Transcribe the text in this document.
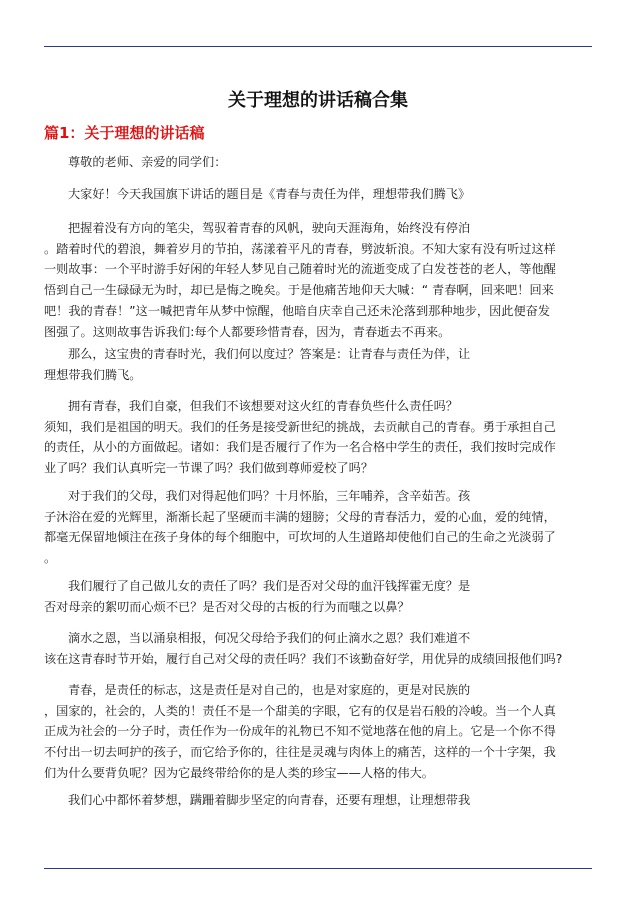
关于理想的讲话稿合集
篇1：关于理想的讲话稿
尊敬的老师、亲爱的同学们：
大家好！今天我国旗下讲话的题目是《青春与责任为伴，理想带我们腾飞》
把握着没有方向的笔尖，驾驭着青春的风帆，驶向天涯海角，始终没有停泊
。踏着时代的碧浪，舞着岁月的节拍，荡漾着平凡的青春，劈波斩浪。不知大家有没有听过这样
一则故事：一个平时游手好闲的年轻人梦见自己随着时光的流逝变成了白发苍苍的老人，等他醒
悟到自己一生碌碌无为时，却已是悔之晚矣。于是他痛苦地仰天大喊：“ 青春啊，回来吧！回来
吧！我的青春！”这一喊把青年从梦中惊醒，他暗自庆幸自己还未沦落到那种地步，因此便奋发
图强了。这则故事告诉我们:每个人都要珍惜青春，因为，青春逝去不再来。
那么，这宝贵的青春时光，我们何以度过？答案是：让青春与责任为伴，让
理想带我们腾飞。
拥有青春，我们自豪，但我们不该想要对这火红的青春负些什么责任吗？
须知，我们是祖国的明天。我们的任务是接受新世纪的挑战，去贡献自己的青春。勇于承担自己
的责任，从小的方面做起。诸如：我们是否履行了作为一名合格中学生的责任，我们按时完成作
业了吗？我们认真听完一节课了吗？我们做到尊师爱校了吗？
对于我们的父母，我们对得起他们吗？十月怀胎，三年哺养，含辛茹苦。孩
子沐浴在爱的光辉里，渐渐长起了坚硬而丰满的翅膀；父母的青春活力，爱的心血，爱的纯情，
都毫无保留地倾注在孩子身体的每个细胞中，可坎坷的人生道路却使他们自己的生命之光淡弱了
。
我们履行了自己做儿女的责任了吗？我们是否对父母的血汗钱挥霍无度？是
否对母亲的絮叨而心烦不已？是否对父母的古板的行为而嗤之以鼻？
滴水之恩，当以涌泉相报，何况父母给予我们的何止滴水之恩？我们难道不
该在这青春时节开始，履行自己对父母的责任吗？我们不该勤奋好学，用优异的成绩回报他们吗?
青春，是责任的标志，这是责任是对自己的，也是对家庭的，更是对民族的
，国家的，社会的，人类的！责任不是一个甜美的字眼，它有的仅是岩石般的冷峻。当一个人真
正成为社会的一分子时，责任作为一份成年的礼物已不知不觉地落在他的肩上。它是一个你不得
不付出一切去呵护的孩子，而它给予你的，往往是灵魂与肉体上的痛苦，这样的一个十字架，我
们为什么要背负呢？因为它最终带给你的是人类的珍宝——人格的伟大。
我们心中都怀着梦想，蹒跚着脚步坚定的向青春，还要有理想，让理想带我
